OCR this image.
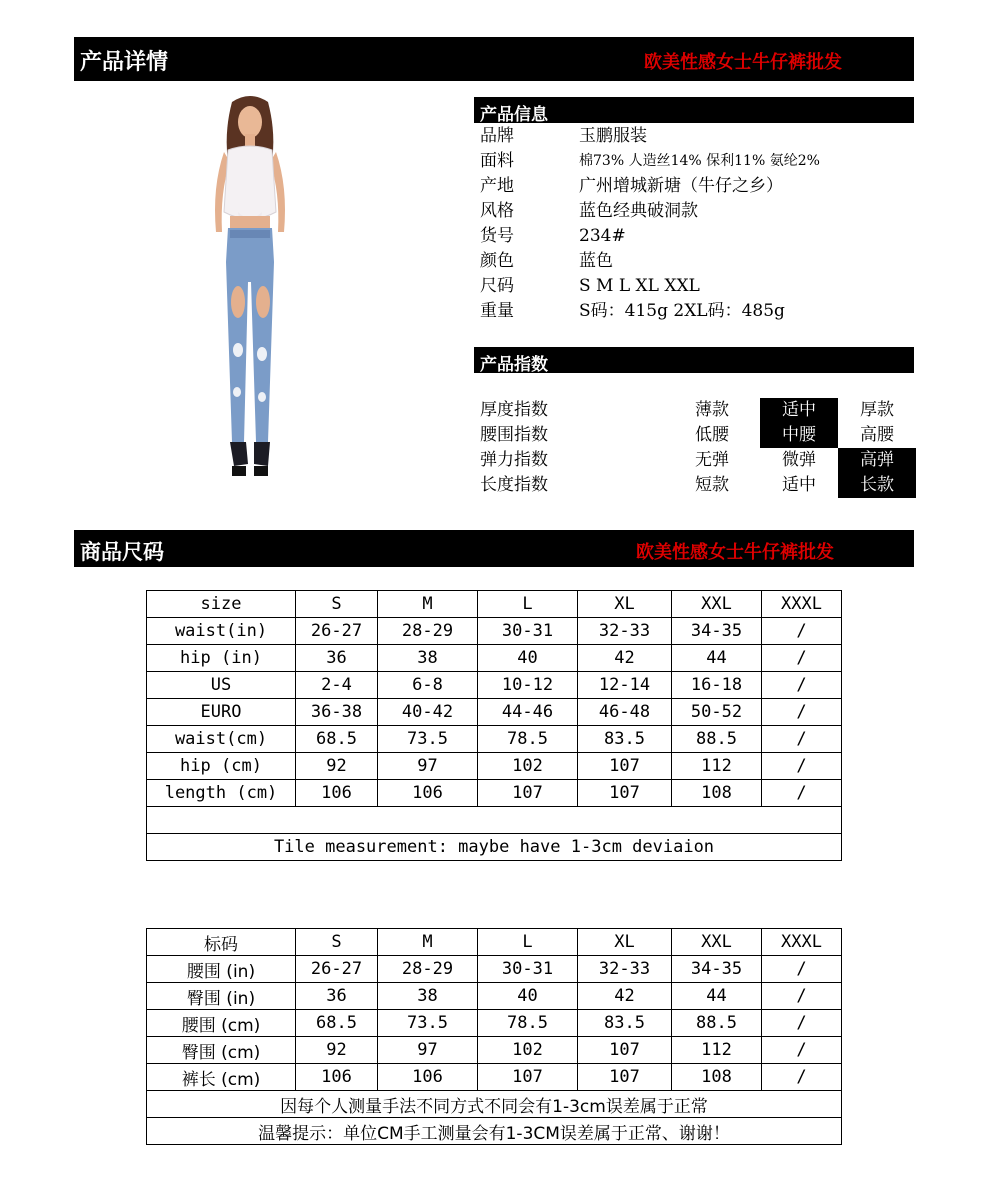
产品详情	欧美性感女士牛仔裤批发
产品信息
品牌	玉鹏服装
面料	棉73% 人造丝14% 保利11% 氨纶2%
产地	广州增城新塘（牛仔之乡）
风格	蓝色经典破洞款
货号	234#
颜色	蓝色
尺码	S M L XL XXL
重量	S码：415g 2XL码：485g
产品指数
厚度指数	薄款	适中	厚款
腰围指数	低腰	中腰	高腰
弹力指数	无弹	微弹	高弹
长度指数	短款	适中	长款
商品尺码	欧美性感女士牛仔裤批发
size	S	M	L	XL	XXL	XXXL
waist(in)	26-27	28-29	30-31	32-33	34-35	/
hip (in)	36	38	40	42	44	/
US	2-4	6-8	10-12	12-14	16-18	/
EURO	36-38	40-42	44-46	46-48	50-52	/
waist(cm)	68.5	73.5	78.5	83.5	88.5	/
hip (cm)	92	97	102	107	112	/
length (cm)	106	106	107	107	108	/

Tile measurement: maybe have 1-3cm deviaion						
标码	S	M	L	XL	XXL	XXXL
腰围 (in)	26-27	28-29	30-31	32-33	34-35	/
臀围 (in)	36	38	40	42	44	/
腰围 (cm)	68.5	73.5	78.5	83.5	88.5	/
臀围 (cm)	92	97	102	107	112	/
裤长 (cm)	106	106	107	107	108	/
因每个人测量手法不同方式不同会有1-3cm误差属于正常						
温馨提示：单位CM手工测量会有1-3CM误差属于正常、谢谢！						
